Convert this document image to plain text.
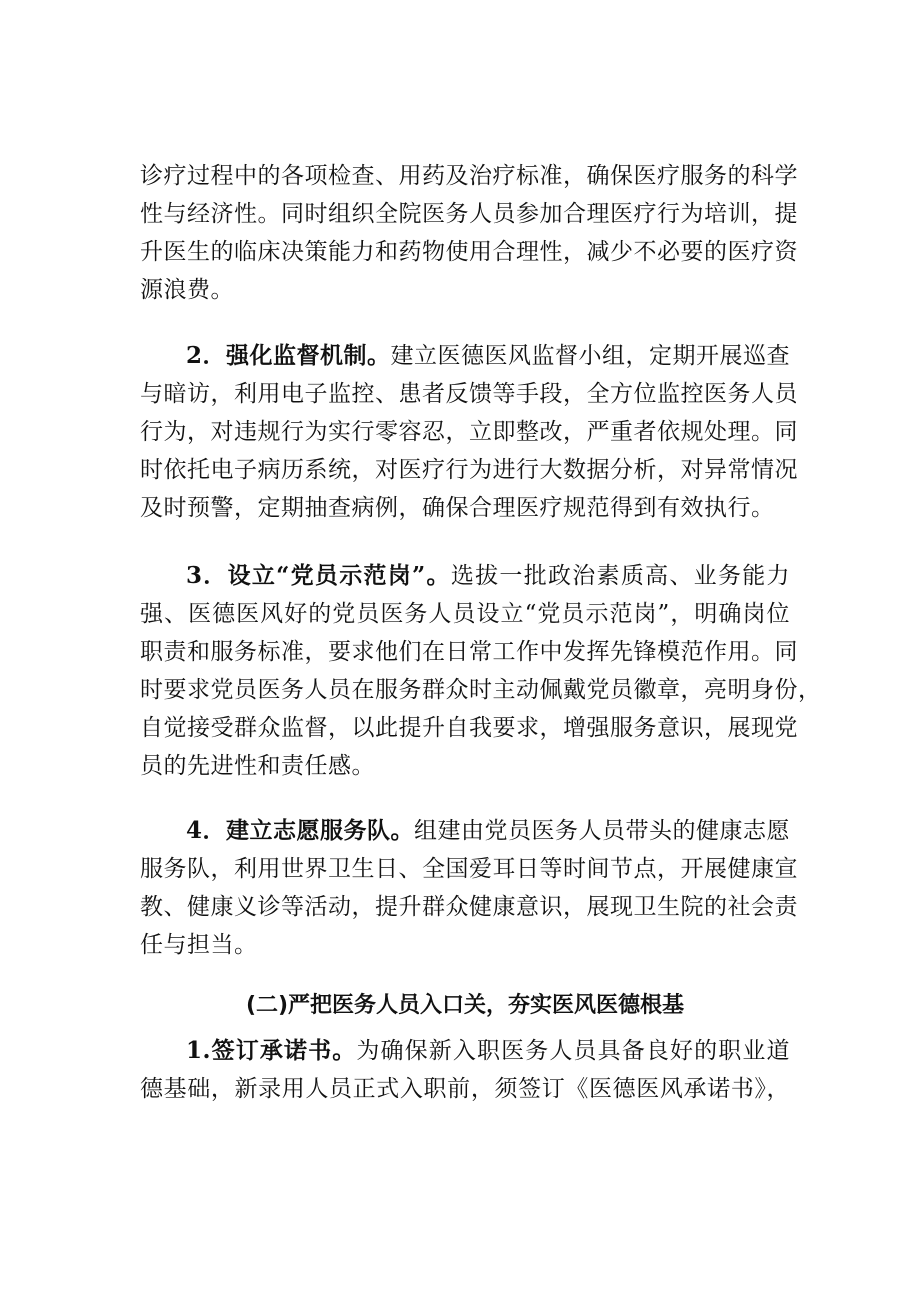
诊疗过程中的各项检查、用药及治疗标准，确保医疗服务的科学
性与经济性。同时组织全院医务人员参加合理医疗行为培训，提
升医生的临床决策能力和药物使用合理性，减少不必要的医疗资
源浪费。
2．强化监督机制。建立医德医风监督小组，定期开展巡查
与暗访，利用电子监控、患者反馈等手段，全方位监控医务人员
行为，对违规行为实行零容忍，立即整改，严重者依规处理。同
时依托电子病历系统，对医疗行为进行大数据分析，对异常情况
及时预警，定期抽查病例，确保合理医疗规范得到有效执行。
3．设立“党员示范岗”。选拔一批政治素质高、业务能力
强、医德医风好的党员医务人员设立“党员示范岗”，明确岗位
职责和服务标准，要求他们在日常工作中发挥先锋模范作用。同
时要求党员医务人员在服务群众时主动佩戴党员徽章，亮明身份，
自觉接受群众监督，以此提升自我要求，增强服务意识，展现党
员的先进性和责任感。
4．建立志愿服务队。组建由党员医务人员带头的健康志愿
服务队，利用世界卫生日、全国爱耳日等时间节点，开展健康宣
教、健康义诊等活动，提升群众健康意识，展现卫生院的社会责
任与担当。
(二)严把医务人员入口关，夯实医风医德根基
1.签订承诺书。为确保新入职医务人员具备良好的职业道
德基础，新录用人员正式入职前，须签订《医德医风承诺书》，
